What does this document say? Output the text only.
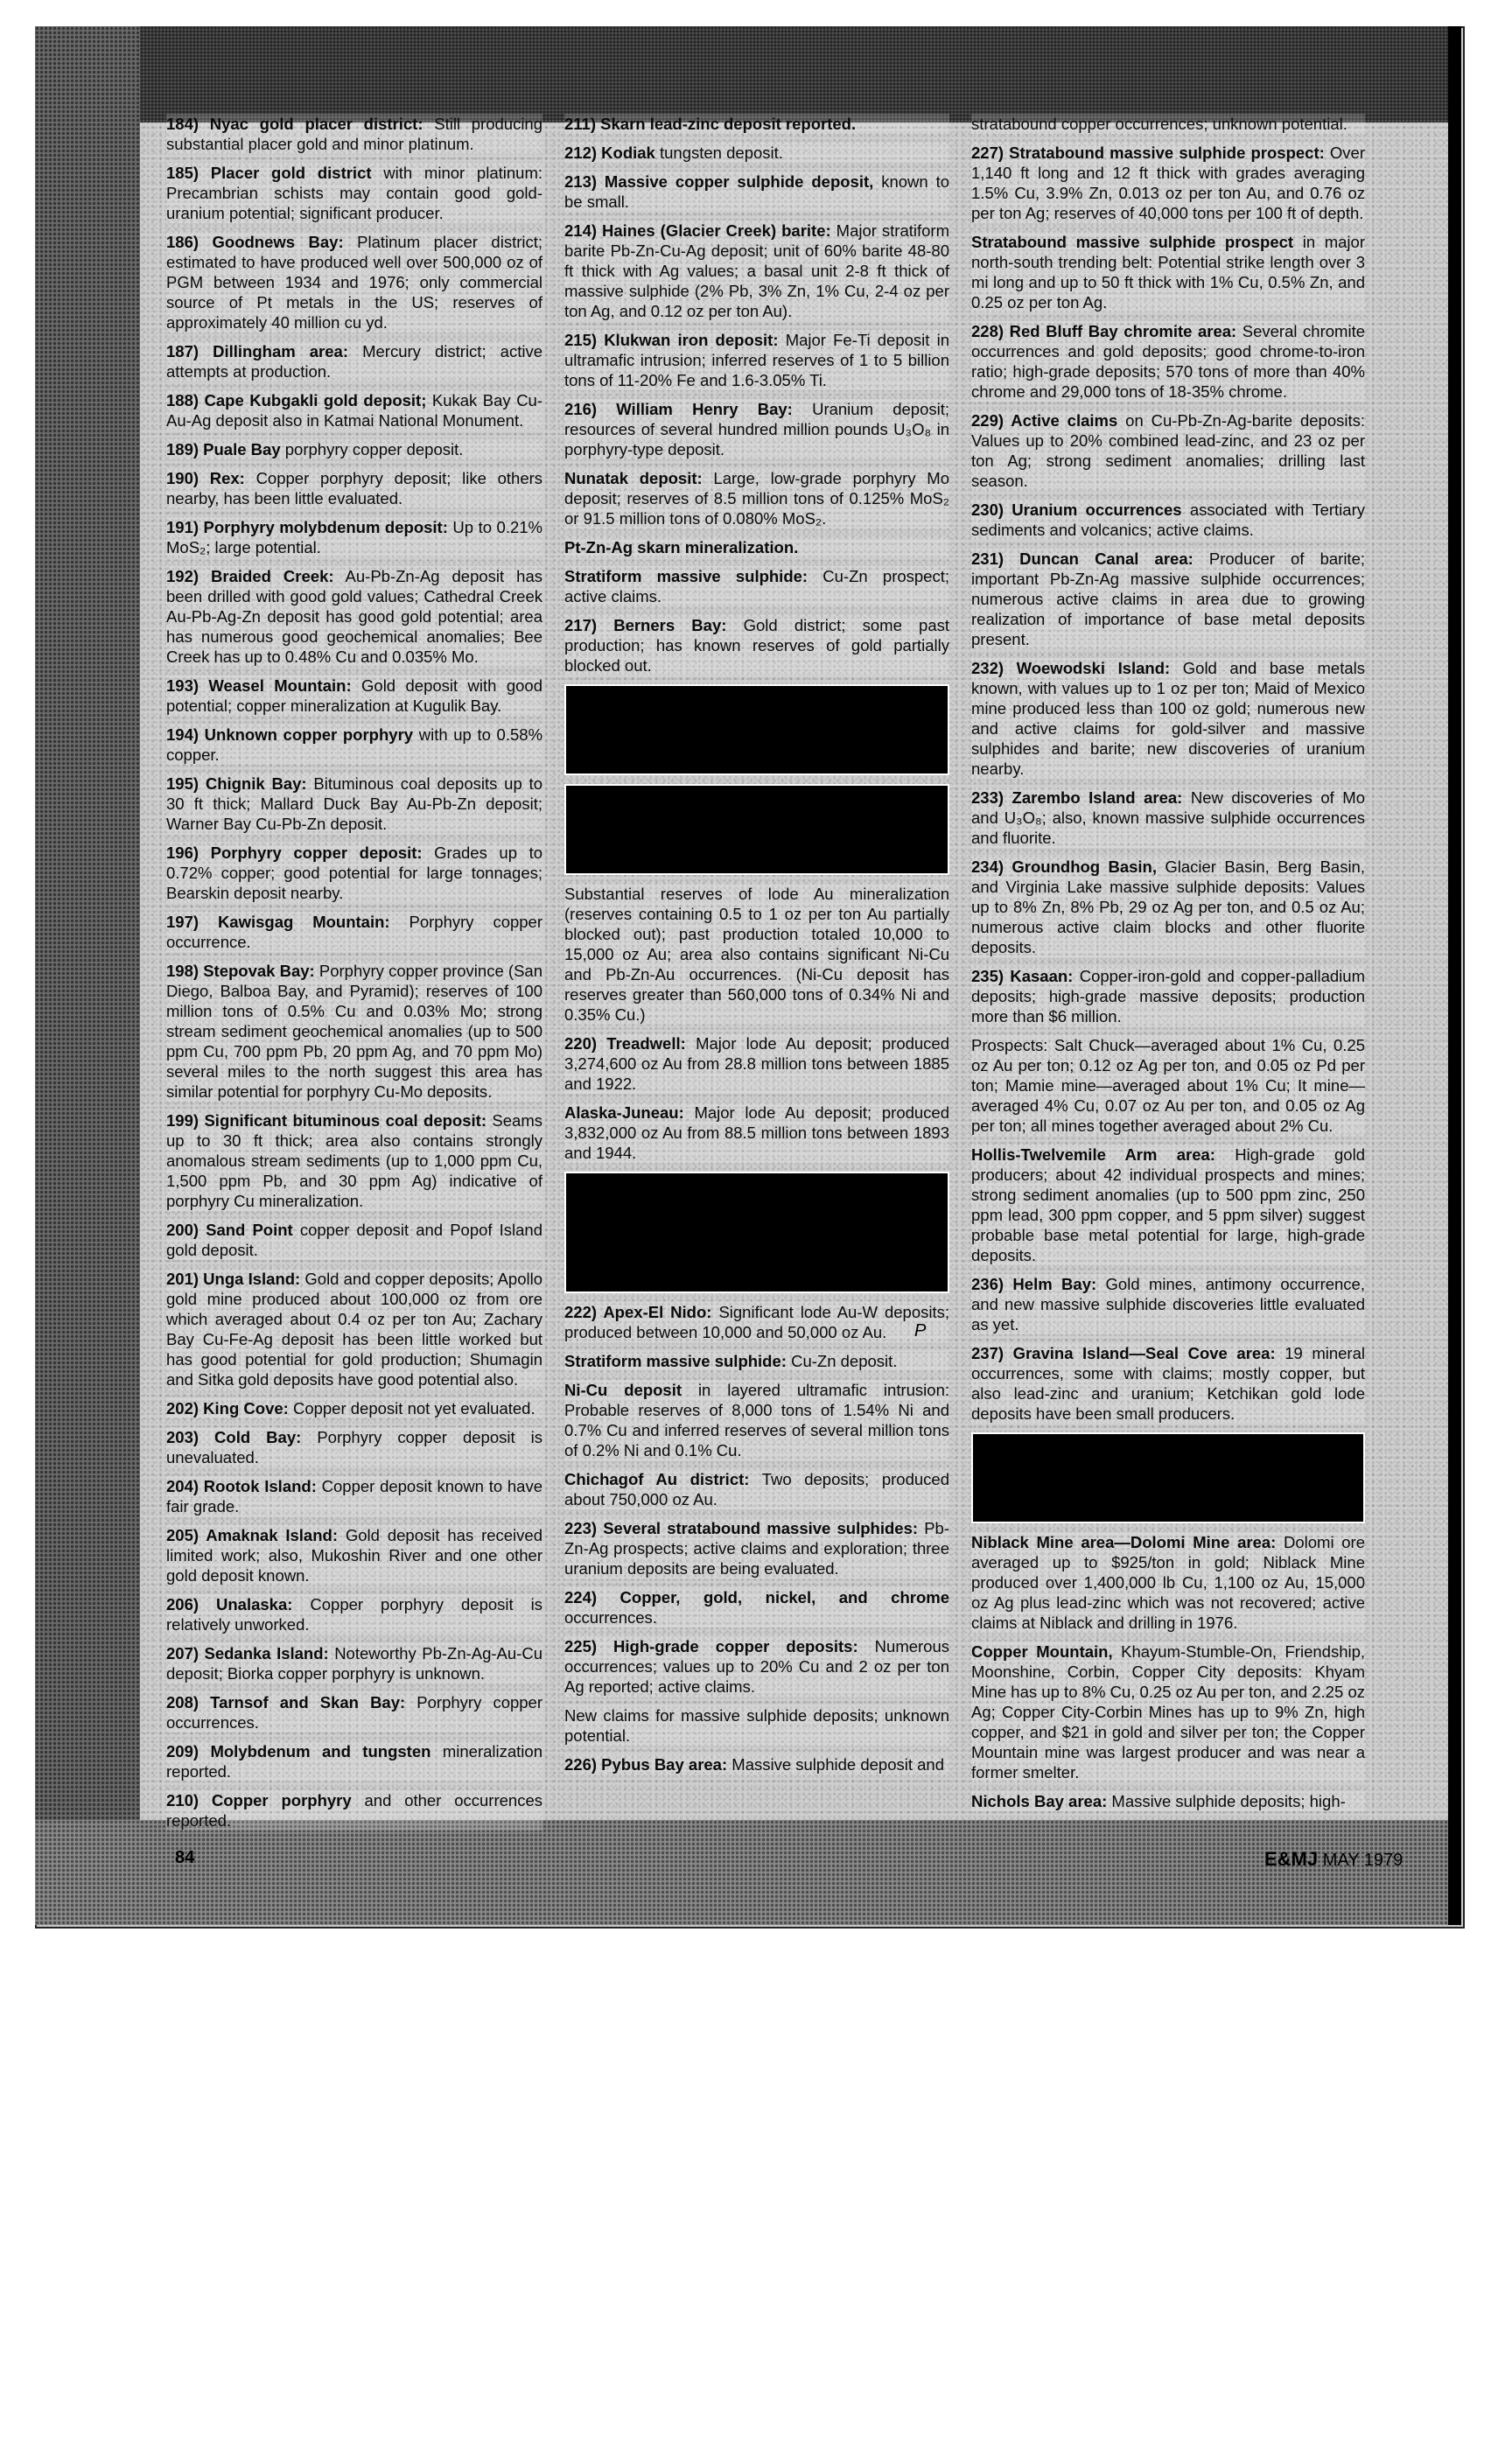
184) Nyac gold placer district: Still producing substantial placer gold and minor platinum.
185) Placer gold district with minor platinum: Precambrian schists may contain good gold-uranium potential; significant producer.
186) Goodnews Bay: Platinum placer district; estimated to have produced well over 500,000 oz of PGM between 1934 and 1976; only commercial source of Pt metals in the US; reserves of approximately 40 million cu yd.
187) Dillingham area: Mercury district; active attempts at production.
188) Cape Kubgakli gold deposit; Kukak Bay Cu-Au-Ag deposit also in Katmai National Monument.
189) Puale Bay porphyry copper deposit.
190) Rex: Copper porphyry deposit; like others nearby, has been little evaluated.
191) Porphyry molybdenum deposit: Up to 0.21% MoS₂; large potential.
192) Braided Creek: Au-Pb-Zn-Ag deposit has been drilled with good gold values; Cathedral Creek Au-Pb-Ag-Zn deposit has good gold potential; area has numerous good geochemical anomalies; Bee Creek has up to 0.48% Cu and 0.035% Mo.
193) Weasel Mountain: Gold deposit with good potential; copper mineralization at Kugulik Bay.
194) Unknown copper porphyry with up to 0.58% copper.
195) Chignik Bay: Bituminous coal deposits up to 30 ft thick; Mallard Duck Bay Au-Pb-Zn deposit; Warner Bay Cu-Pb-Zn deposit.
196) Porphyry copper deposit: Grades up to 0.72% copper; good potential for large tonnages; Bearskin deposit nearby.
197) Kawisgag Mountain: Porphyry copper occurrence.
198) Stepovak Bay: Porphyry copper province (San Diego, Balboa Bay, and Pyramid); reserves of 100 million tons of 0.5% Cu and 0.03% Mo; strong stream sediment geochemical anomalies (up to 500 ppm Cu, 700 ppm Pb, 20 ppm Ag, and 70 ppm Mo) several miles to the north suggest this area has similar potential for porphyry Cu-Mo deposits.
199) Significant bituminous coal deposit: Seams up to 30 ft thick; area also contains strongly anomalous stream sediments (up to 1,000 ppm Cu, 1,500 ppm Pb, and 30 ppm Ag) indicative of porphyry Cu mineralization.
200) Sand Point copper deposit and Popof Island gold deposit.
201) Unga Island: Gold and copper deposits; Apollo gold mine produced about 100,000 oz from ore which averaged about 0.4 oz per ton Au; Zachary Bay Cu-Fe-Ag deposit has been little worked but has good potential for gold production; Shumagin and Sitka gold deposits have good potential also.
202) King Cove: Copper deposit not yet evaluated.
203) Cold Bay: Porphyry copper deposit is unevaluated.
204) Rootok Island: Copper deposit known to have fair grade.
205) Amaknak Island: Gold deposit has received limited work; also, Mukoshin River and one other gold deposit known.
206) Unalaska: Copper porphyry deposit is relatively unworked.
207) Sedanka Island: Noteworthy Pb-Zn-Ag-Au-Cu deposit; Biorka copper porphyry is unknown.
208) Tarnsof and Skan Bay: Porphyry copper occurrences.
209) Molybdenum and tungsten mineralization reported.
210) Copper porphyry and other occurrences reported.
211) Skarn lead-zinc deposit reported.
212) Kodiak tungsten deposit.
213) Massive copper sulphide deposit, known to be small.
214) Haines (Glacier Creek) barite: Major stratiform barite Pb-Zn-Cu-Ag deposit; unit of 60% barite 48-80 ft thick with Ag values; a basal unit 2-8 ft thick of massive sulphide (2% Pb, 3% Zn, 1% Cu, 2-4 oz per ton Ag, and 0.12 oz per ton Au).
215) Klukwan iron deposit: Major Fe-Ti deposit in ultramafic intrusion; inferred reserves of 1 to 5 billion tons of 11-20% Fe and 1.6-3.05% Ti.
216) William Henry Bay: Uranium deposit; resources of several hundred million pounds U₃O₈ in porphyry-type deposit.
Nunatak deposit: Large, low-grade porphyry Mo deposit; reserves of 8.5 million tons of 0.125% MoS₂ or 91.5 million tons of 0.080% MoS₂.
Pt-Zn-Ag skarn mineralization.
Stratiform massive sulphide: Cu-Zn prospect; active claims.
217) Berners Bay: Gold district; some past production; has known reserves of gold partially blocked out.
Substantial reserves of lode Au mineralization (reserves containing 0.5 to 1 oz per ton Au partially blocked out); past production totaled 10,000 to 15,000 oz Au; area also contains significant Ni-Cu and Pb-Zn-Au occurrences. (Ni-Cu deposit has reserves greater than 560,000 tons of 0.34% Ni and 0.35% Cu.)
220) Treadwell: Major lode Au deposit; produced 3,274,600 oz Au from 28.8 million tons between 1885 and 1922.
Alaska-Juneau: Major lode Au deposit; produced 3,832,000 oz Au from 88.5 million tons between 1893 and 1944.
222) Apex-El Nido: Significant lode Au-W deposits; produced between 10,000 and 50,000 oz Au.
Stratiform massive sulphide: Cu-Zn deposit.
Ni-Cu deposit in layered ultramafic intrusion: Probable reserves of 8,000 tons of 1.54% Ni and 0.7% Cu and inferred reserves of several million tons of 0.2% Ni and 0.1% Cu.
Chichagof Au district: Two deposits; produced about 750,000 oz Au.
223) Several stratabound massive sulphides: Pb-Zn-Ag prospects; active claims and exploration; three uranium deposits are being evaluated.
224) Copper, gold, nickel, and chrome occurrences.
225) High-grade copper deposits: Numerous occurrences; values up to 20% Cu and 2 oz per ton Ag reported; active claims.
New claims for massive sulphide deposits; unknown potential.
226) Pybus Bay area: Massive sulphide deposit and
stratabound copper occurrences; unknown potential.
227) Stratabound massive sulphide prospect: Over 1,140 ft long and 12 ft thick with grades averaging 1.5% Cu, 3.9% Zn, 0.013 oz per ton Au, and 0.76 oz per ton Ag; reserves of 40,000 tons per 100 ft of depth.
Stratabound massive sulphide prospect in major north-south trending belt: Potential strike length over 3 mi long and up to 50 ft thick with 1% Cu, 0.5% Zn, and 0.25 oz per ton Ag.
228) Red Bluff Bay chromite area: Several chromite occurrences and gold deposits; good chrome-to-iron ratio; high-grade deposits; 570 tons of more than 40% chrome and 29,000 tons of 18-35% chrome.
229) Active claims on Cu-Pb-Zn-Ag-barite deposits: Values up to 20% combined lead-zinc, and 23 oz per ton Ag; strong sediment anomalies; drilling last season.
230) Uranium occurrences associated with Tertiary sediments and volcanics; active claims.
231) Duncan Canal area: Producer of barite; important Pb-Zn-Ag massive sulphide occurrences; numerous active claims in area due to growing realization of importance of base metal deposits present.
232) Woewodski Island: Gold and base metals known, with values up to 1 oz per ton; Maid of Mexico mine produced less than 100 oz gold; numerous new and active claims for gold-silver and massive sulphides and barite; new discoveries of uranium nearby.
233) Zarembo Island area: New discoveries of Mo and U₃O₈; also, known massive sulphide occurrences and fluorite.
234) Groundhog Basin, Glacier Basin, Berg Basin, and Virginia Lake massive sulphide deposits: Values up to 8% Zn, 8% Pb, 29 oz Ag per ton, and 0.5 oz Au; numerous active claim blocks and other fluorite deposits.
235) Kasaan: Copper-iron-gold and copper-palladium deposits; high-grade massive deposits; production more than $6 million.
Prospects: Salt Chuck—averaged about 1% Cu, 0.25 oz Au per ton; 0.12 oz Ag per ton, and 0.05 oz Pd per ton; Mamie mine—averaged about 1% Cu; It mine—averaged 4% Cu, 0.07 oz Au per ton, and 0.05 oz Ag per ton; all mines together averaged about 2% Cu.
Hollis-Twelvemile Arm area: High-grade gold producers; about 42 individual prospects and mines; strong sediment anomalies (up to 500 ppm zinc, 250 ppm lead, 300 ppm copper, and 5 ppm silver) suggest probable base metal potential for large, high-grade deposits.
236) Helm Bay: Gold mines, antimony occurrence, and new massive sulphide discoveries little evaluated as yet.
237) Gravina Island—Seal Cove area: 19 mineral occurrences, some with claims; mostly copper, but also lead-zinc and uranium; Ketchikan gold lode deposits have been small producers.
Niblack Mine area—Dolomi Mine area: Dolomi ore averaged up to $925/ton in gold; Niblack Mine produced over 1,400,000 lb Cu, 1,100 oz Au, 15,000 oz Ag plus lead-zinc which was not recovered; active claims at Niblack and drilling in 1976.
Copper Mountain, Khayum-Stumble-On, Friendship, Moonshine, Corbin, Copper City deposits: Khyam Mine has up to 8% Cu, 0.25 oz Au per ton, and 2.25 oz Ag; Copper City-Corbin Mines has up to 9% Zn, high copper, and $21 in gold and silver per ton; the Copper Mountain mine was largest producer and was near a former smelter.
Nichols Bay area: Massive sulphide deposits; high-
P
84	E&MJ MAY 1979
